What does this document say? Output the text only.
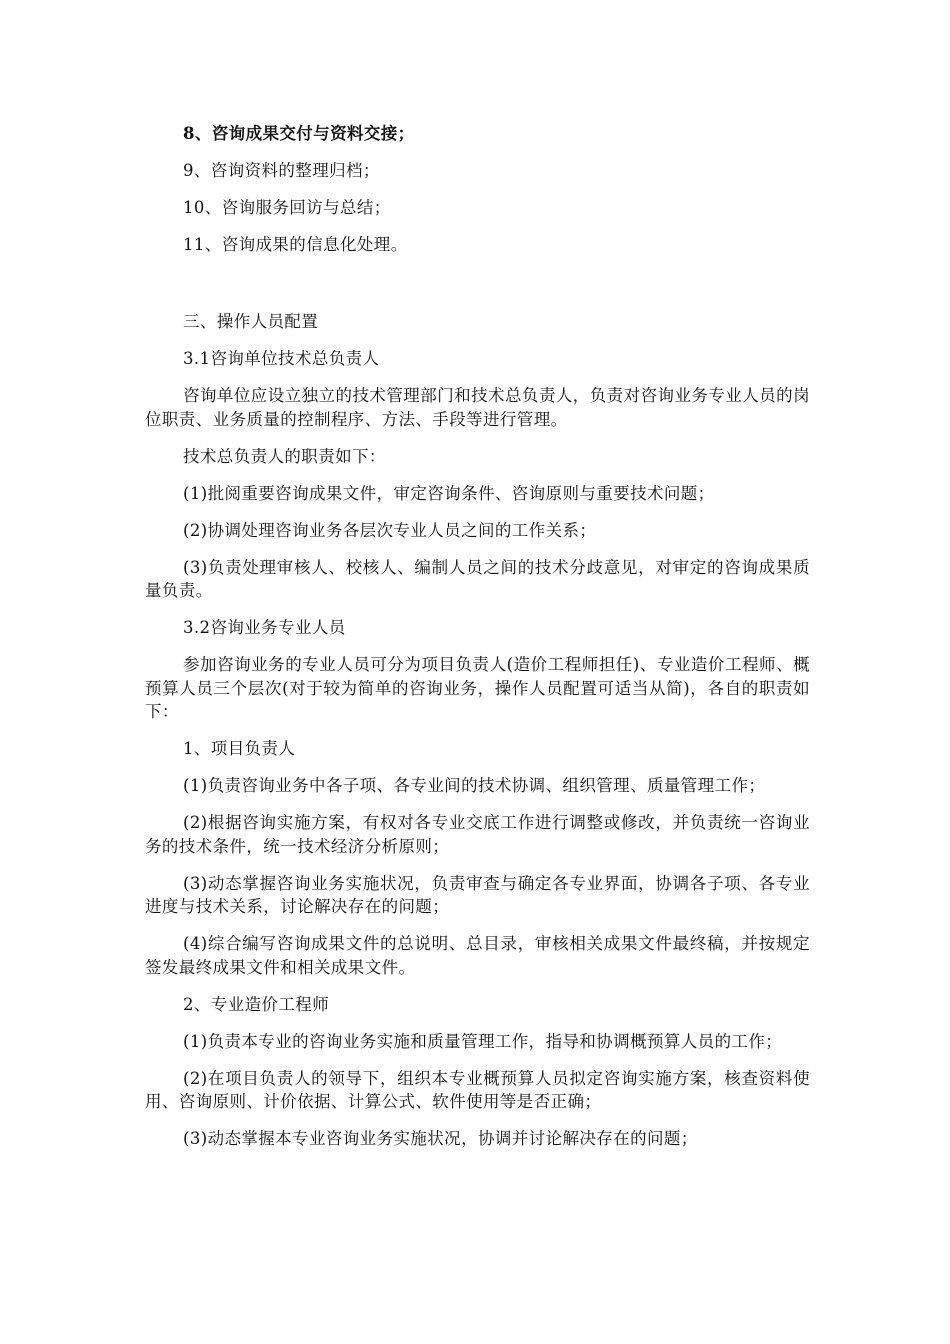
8、咨询成果交付与资料交接；

9、咨询资料的整理归档；

10、咨询服务回访与总结；

11、咨询成果的信息化处理。

三、操作人员配置

3.1咨询单位技术总负责人

咨询单位应设立独立的技术管理部门和技术总负责人，负责对咨询业务专业人员的岗位职责、业务质量的控制程序、方法、手段等进行管理。

技术总负责人的职责如下：

(1)批阅重要咨询成果文件，审定咨询条件、咨询原则与重要技术问题；

(2)协调处理咨询业务各层次专业人员之间的工作关系；

(3)负责处理审核人、校核人、编制人员之间的技术分歧意见，对审定的咨询成果质量负责。

3.2咨询业务专业人员

参加咨询业务的专业人员可分为项目负责人(造价工程师担任)、专业造价工程师、概预算人员三个层次(对于较为简单的咨询业务，操作人员配置可适当从简)，各自的职责如下：

1、项目负责人

(1)负责咨询业务中各子项、各专业间的技术协调、组织管理、质量管理工作；

(2)根据咨询实施方案，有权对各专业交底工作进行调整或修改，并负责统一咨询业务的技术条件，统一技术经济分析原则；

(3)动态掌握咨询业务实施状况，负责审查与确定各专业界面，协调各子项、各专业进度与技术关系，讨论解决存在的问题；

(4)综合编写咨询成果文件的总说明、总目录，审核相关成果文件最终稿，并按规定签发最终成果文件和相关成果文件。

2、专业造价工程师

(1)负责本专业的咨询业务实施和质量管理工作，指导和协调概预算人员的工作；

(2)在项目负责人的领导下，组织本专业概预算人员拟定咨询实施方案，核查资料使用、咨询原则、计价依据、计算公式、软件使用等是否正确；

(3)动态掌握本专业咨询业务实施状况，协调并讨论解决存在的问题；
